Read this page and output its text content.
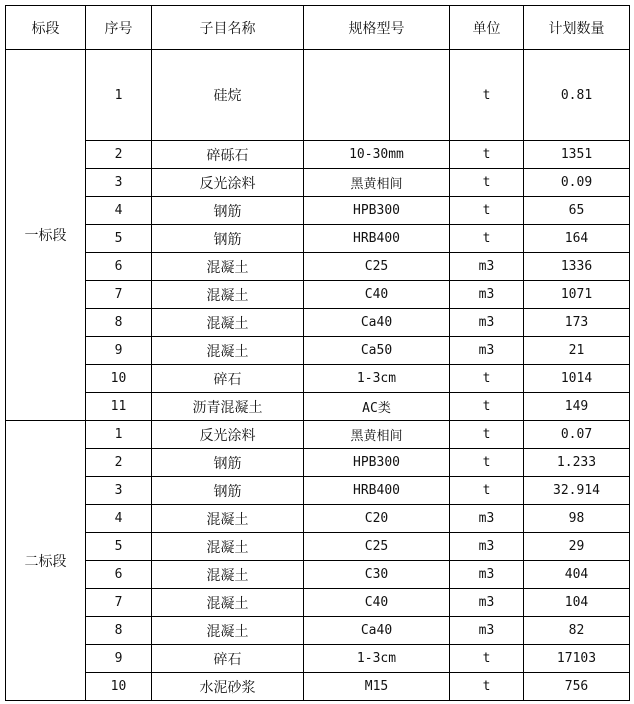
标段	序号	子目名称	规格型号	单位	计划数量
一标段	1	硅烷		t	0.81
	2	碎砾石	10-30mm	t	1351
	3	反光涂料	黑黄相间	t	0.09
	4	钢筋	HPB300	t	65
	5	钢筋	HRB400	t	164
	6	混凝土	C25	m3	1336
	7	混凝土	C40	m3	1071
	8	混凝土	Ca40	m3	173
	9	混凝土	Ca50	m3	21
	10	碎石	1-3cm	t	1014
	11	沥青混凝土	AC类	t	149
二标段	1	反光涂料	黑黄相间	t	0.07
	2	钢筋	HPB300	t	1.233
	3	钢筋	HRB400	t	32.914
	4	混凝土	C20	m3	98
	5	混凝土	C25	m3	29
	6	混凝土	C30	m3	404
	7	混凝土	C40	m3	104
	8	混凝土	Ca40	m3	82
	9	碎石	1-3cm	t	17103
	10	水泥砂浆	M15	t	756
